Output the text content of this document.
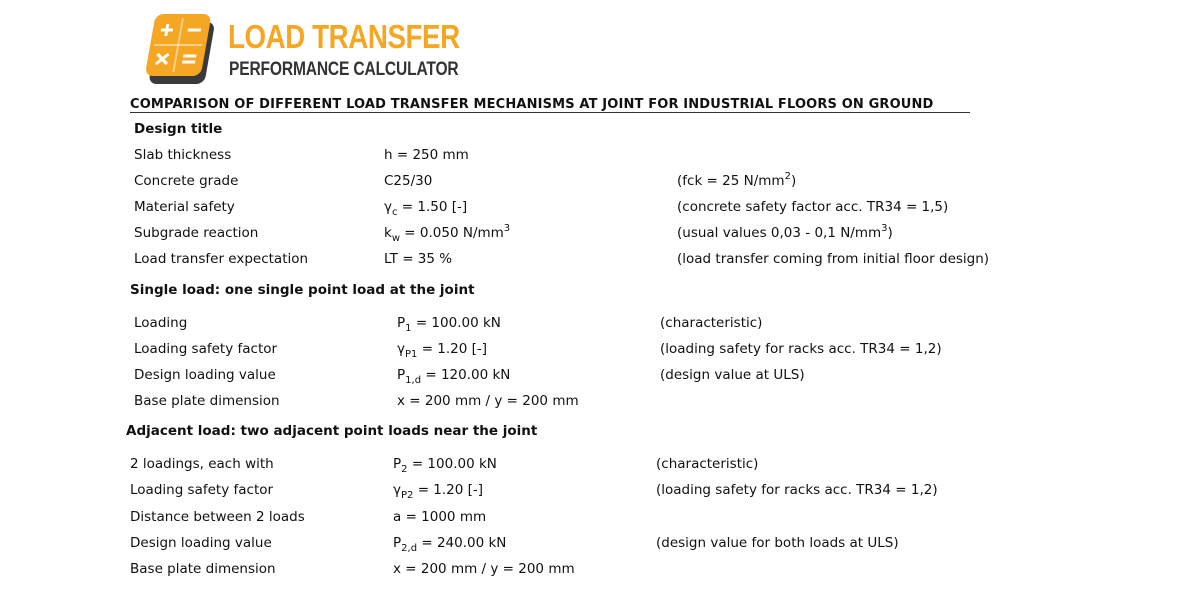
LOAD TRANSFER
PERFORMANCE CALCULATOR
COMPARISON OF DIFFERENT LOAD TRANSFER MECHANISMS AT JOINT FOR INDUSTRIAL FLOORS ON GROUND
Design title
Slab thickness	h = 250 mm
Concrete grade	C25/30	(fck = 25 $N/mm^2$)
Material safety	$\gamma_c = 1.50$ [-]	(concrete safety factor acc. TR34 = 1,5)
Subgrade reaction	$k_w = 0.050$ $N/mm^3$	(usual values 0,03 - 0,1 $N/mm^3$)
Load transfer expectation	LT = 35 %	(load transfer coming from initial floor design)
Single load: one single point load at the joint
Loading	$P_1 = 100.00$ kN	(characteristic)
Loading safety factor	$\gamma_{P1} = 1.20$ [-]	(loading safety for racks acc. TR34 = 1,2)
Design loading value	$P_{1,d} = 120.00$ kN	(design value at ULS)
Base plate dimension	x = 200 mm / y = 200 mm
Adjacent load: two adjacent point loads near the joint
2 loadings, each with	$P_2 = 100.00$ kN	(characteristic)
Loading safety factor	$\gamma_{P2} = 1.20$ [-]	(loading safety for racks acc. TR34 = 1,2)
Distance between 2 loads	a = 1000 mm
Design loading value	$P_{2,d} = 240.00$ kN	(design value for both loads at ULS)
Base plate dimension	x = 200 mm / y = 200 mm
